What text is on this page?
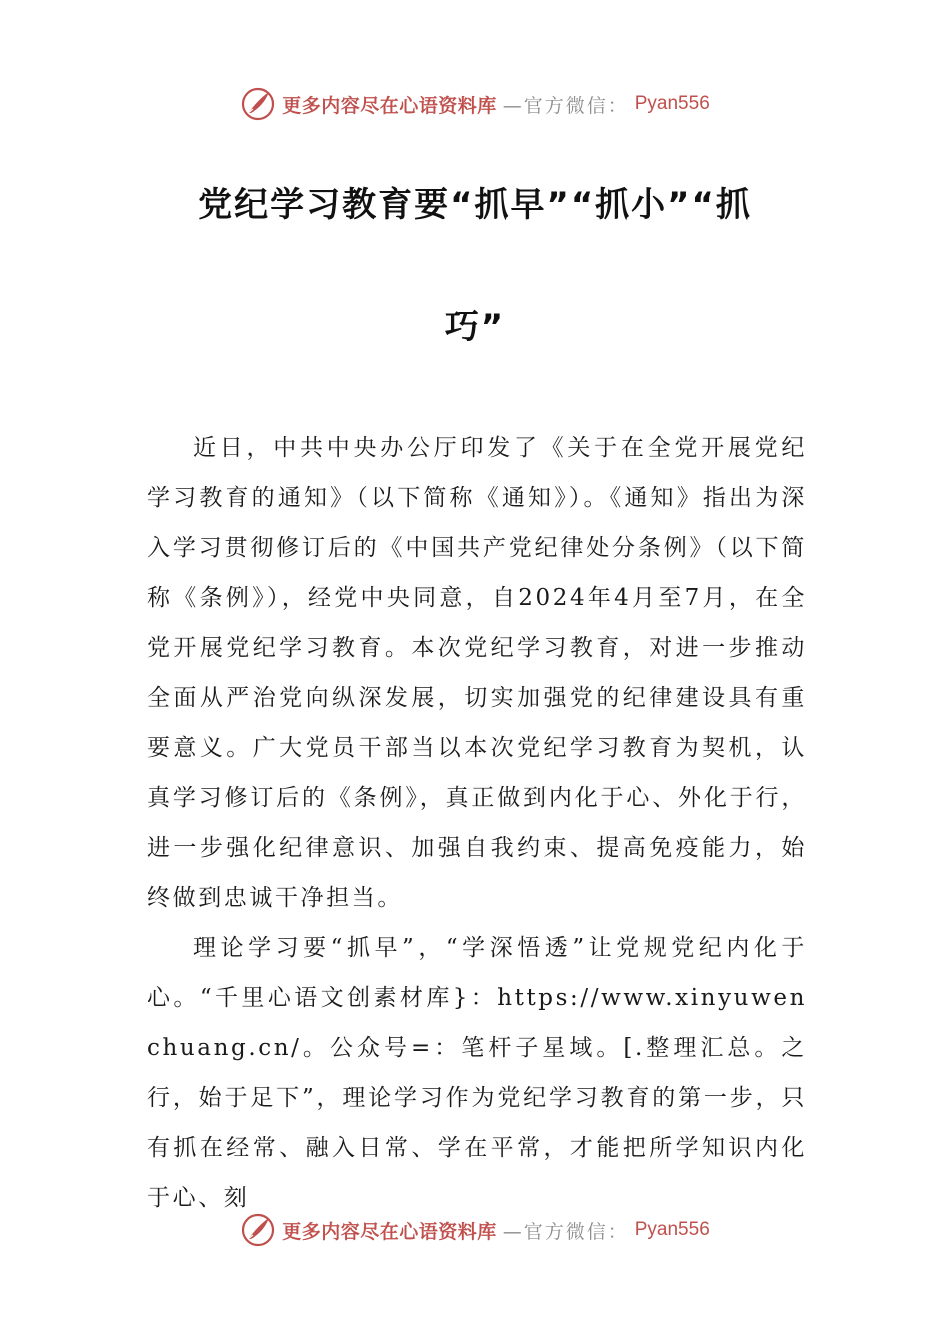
更多内容尽在心语资料库 —官方微信： Pyan556
党纪学习教育要“抓早”“抓小”“抓
巧”

近日，中共中央办公厅印发了《关于在全党开展党纪学习教育的通知》（以下简称《通知》）。《通知》指出为深入学习贯彻修订后的《中国共产党纪律处分条例》（以下简称《条例》），经党中央同意，自2024年4月至7月，在全党开展党纪学习教育。本次党纪学习教育，对进一步推动全面从严治党向纵深发展，切实加强党的纪律建设具有重要意义。广大党员干部当以本次党纪学习教育为契机，认真学习修订后的《条例》，真正做到内化于心、外化于行，进一步强化纪律意识、加强自我约束、提高免疫能力，始终做到忠诚干净担当。

理论学习要“抓早”，“学深悟透”让党规党纪内化于心。“千里心语文创素材库}：https://www.xinyuwenchuang.cn/。公众号=：笔杆子星域。[.整理汇总。之行，始于足下”，理论学习作为党纪学习教育的第一步，只有抓在经常、融入日常、学在平常，才能把所学知识内化于心、刻

更多内容尽在心语资料库 —官方微信： Pyan556
